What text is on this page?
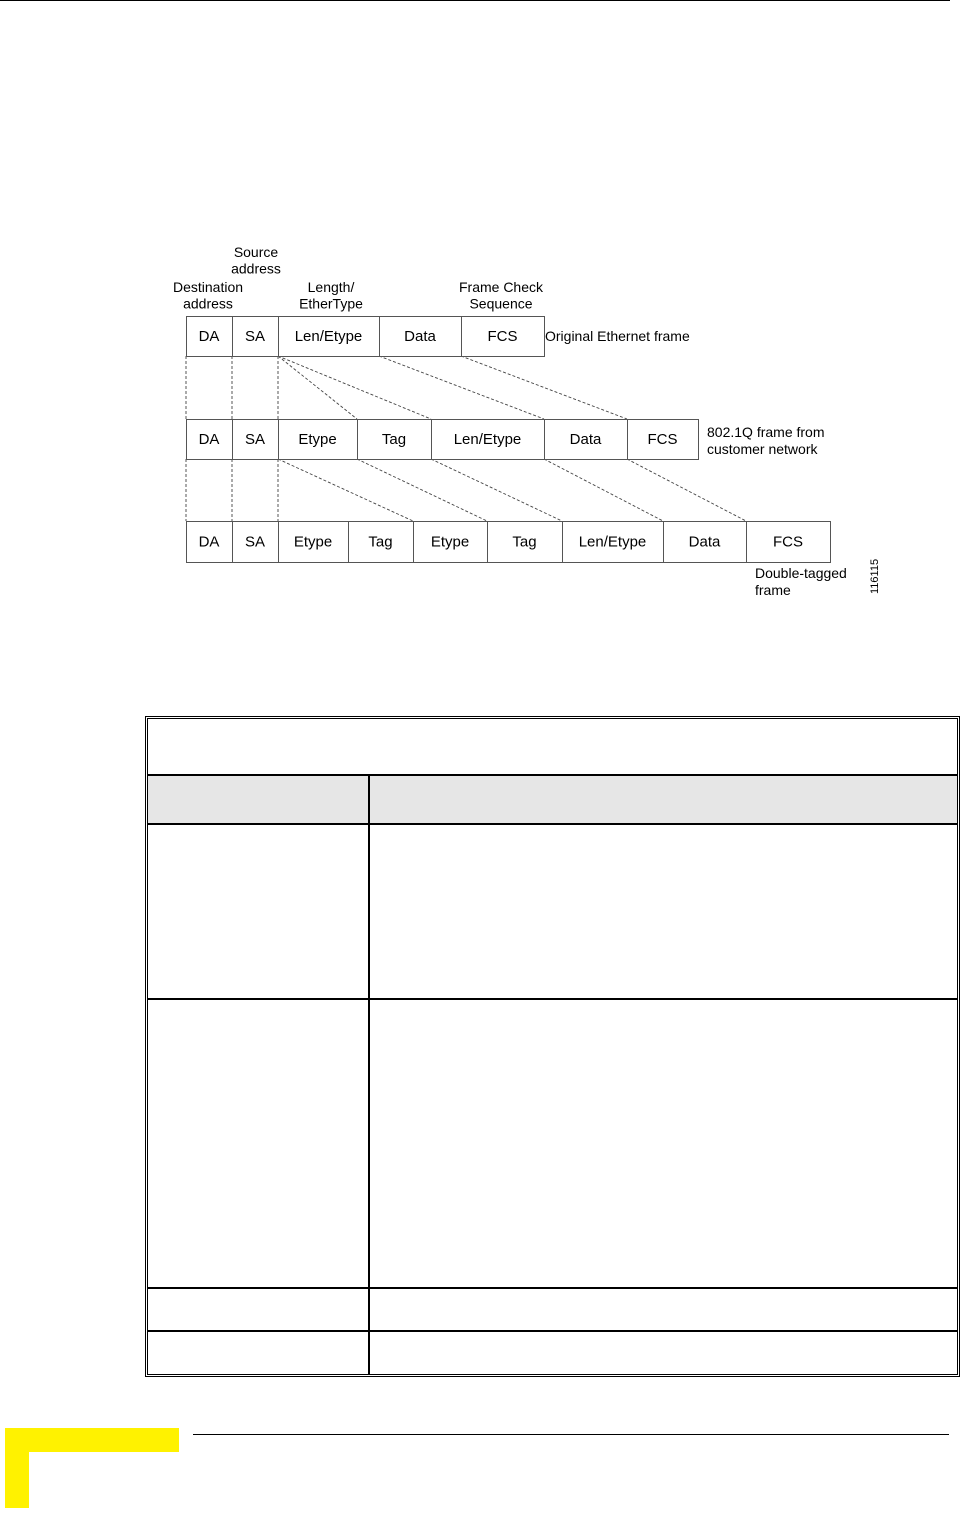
Source address
Destination address
Length/ EtherType
Frame Check Sequence
DA SA Len/Etype	Data	FCS
DA SA Etype	Tag	Len/Etype	Data	FCS
DA SA Etype Tag	Etype	Tag	Len/Etype	Data	FCS
Original Ethernet frame
802.1Q frame from customer network
Double-tagged frame	116115
